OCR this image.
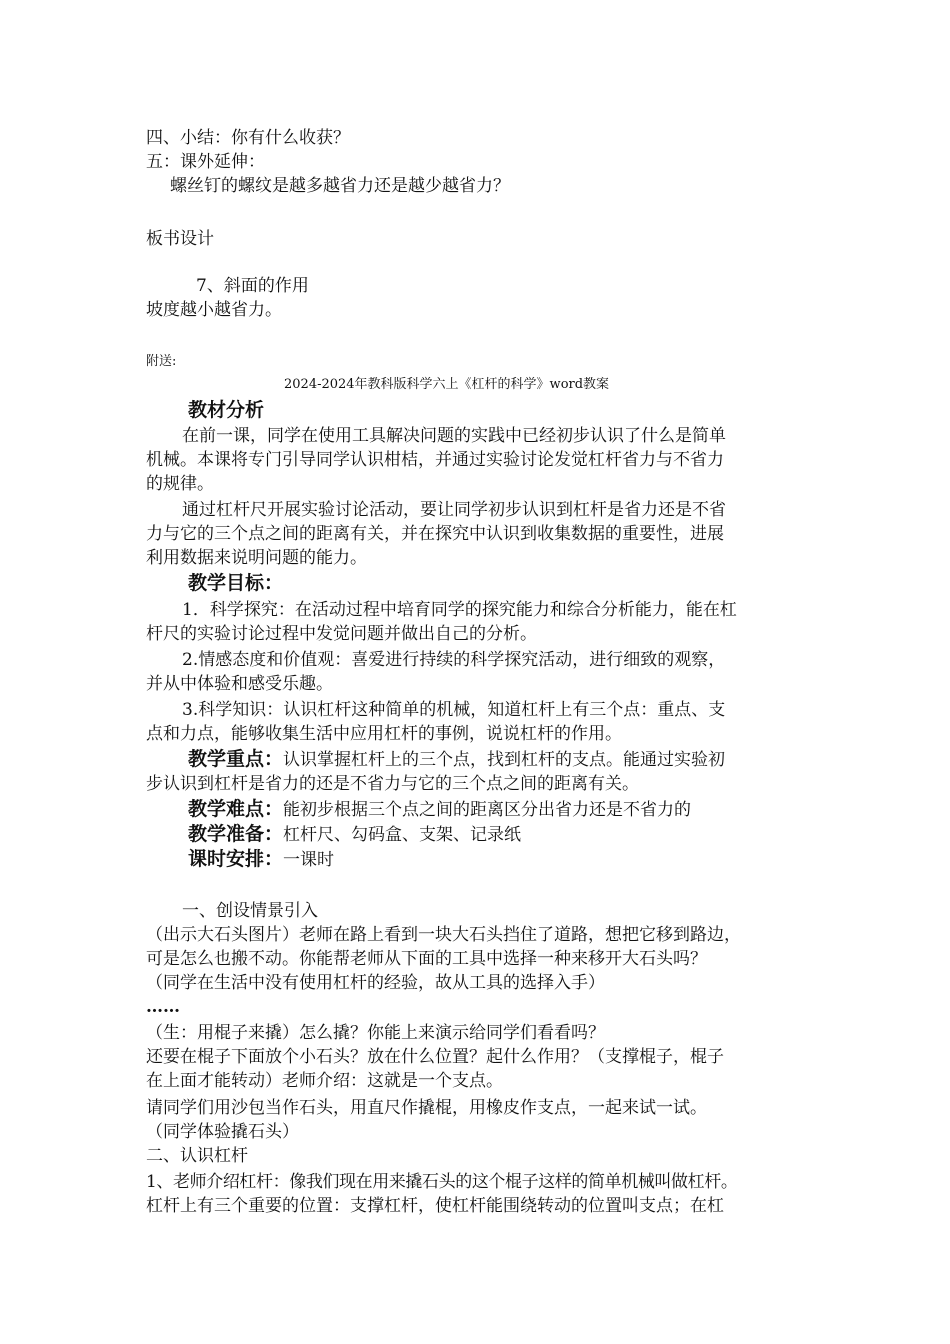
四、小结：你有什么收获？

五：课外延伸：

螺丝钉的螺纹是越多越省力还是越少越省力？

板书设计

7、斜面的作用

坡度越小越省力。

附送:

2024-2024年教科版科学六上《杠杆的科学》word教案

教材分析

在前一课，同学在使用工具解决问题的实践中已经初步认识了什么是简单

机械。本课将专门引导同学认识柑桔，并通过实验讨论发觉杠杆省力与不省力

的规律。

通过杠杆尺开展实验讨论活动，要让同学初步认识到杠杆是省力还是不省

力与它的三个点之间的距离有关，并在探究中认识到收集数据的重要性，进展

利用数据来说明问题的能力。

教学目标：

1．科学探究：在活动过程中培育同学的探究能力和综合分析能力，能在杠

杆尺的实验讨论过程中发觉问题并做出自己的分析。

2.情感态度和价值观：喜爱进行持续的科学探究活动，进行细致的观察，

并从中体验和感受乐趣。

3.科学知识：认识杠杆这种简单的机械，知道杠杆上有三个点：重点、支

点和力点，能够收集生活中应用杠杆的事例，说说杠杆的作用。

教学重点：认识掌握杠杆上的三个点，找到杠杆的支点。能通过实验初

步认识到杠杆是省力的还是不省力与它的三个点之间的距离有关。

教学难点：能初步根据三个点之间的距离区分出省力还是不省力的

教学准备：杠杆尺、勾码盒、支架、记录纸

课时安排：一课时

一、创设情景引入

（出示大石头图片）老师在路上看到一块大石头挡住了道路，想把它移到路边，

可是怎么也搬不动。你能帮老师从下面的工具中选择一种来移开大石头吗？

（同学在生活中没有使用杠杆的经验，故从工具的选择入手）

……

（生：用棍子来撬）怎么撬？你能上来演示给同学们看看吗？

还要在棍子下面放个小石头？放在什么位置？起什么作用？（支撑棍子，棍子

在上面才能转动）老师介绍：这就是一个支点。

请同学们用沙包当作石头，用直尺作撬棍，用橡皮作支点，一起来试一试。

（同学体验撬石头）

二、认识杠杆

1、老师介绍杠杆：像我们现在用来撬石头的这个棍子这样的简单机械叫做杠杆。

杠杆上有三个重要的位置：支撑杠杆，使杠杆能围绕转动的位置叫支点；在杠
